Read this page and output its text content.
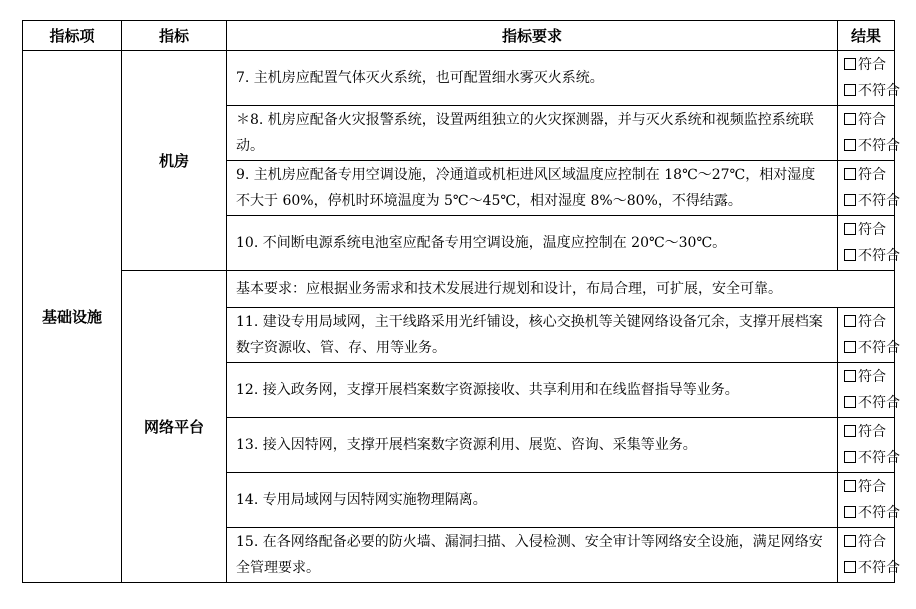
指标项	指标	指标要求	结果
基础设施	机房	7. 主机房应配置气体灭火系统，也可配置细水雾灭火系统。	符合
不符合

		＊8. 机房应配备火灾报警系统，设置两组独立的火灾探测器，并与灭火系统和视频监控系统联动。	符合
不符合

		9. 主机房应配备专用空调设施，冷通道或机柜进风区域温度应控制在 18℃～27℃，相对湿度不大于 60%，停机时环境温度为 5℃～45℃，相对湿度 8%～80%，不得结露。	符合
不符合

		10. 不间断电源系统电池室应配备专用空调设施，温度应控制在 20℃～30℃。	符合
不符合

	网络平台	基本要求：应根据业务需求和技术发展进行规划和设计，布局合理，可扩展，安全可靠。	
		11. 建设专用局域网，主干线路采用光纤铺设，核心交换机等关键网络设备冗余，支撑开展档案数字资源收、管、存、用等业务。	符合
不符合

		12. 接入政务网，支撑开展档案数字资源接收、共享利用和在线监督指导等业务。	符合
不符合

		13. 接入因特网，支撑开展档案数字资源利用、展览、咨询、采集等业务。	符合
不符合

		14. 专用局域网与因特网实施物理隔离。	符合
不符合

		15. 在各网络配备必要的防火墙、漏洞扫描、入侵检测、安全审计等网络安全设施，满足网络安全管理要求。	符合
不符合
